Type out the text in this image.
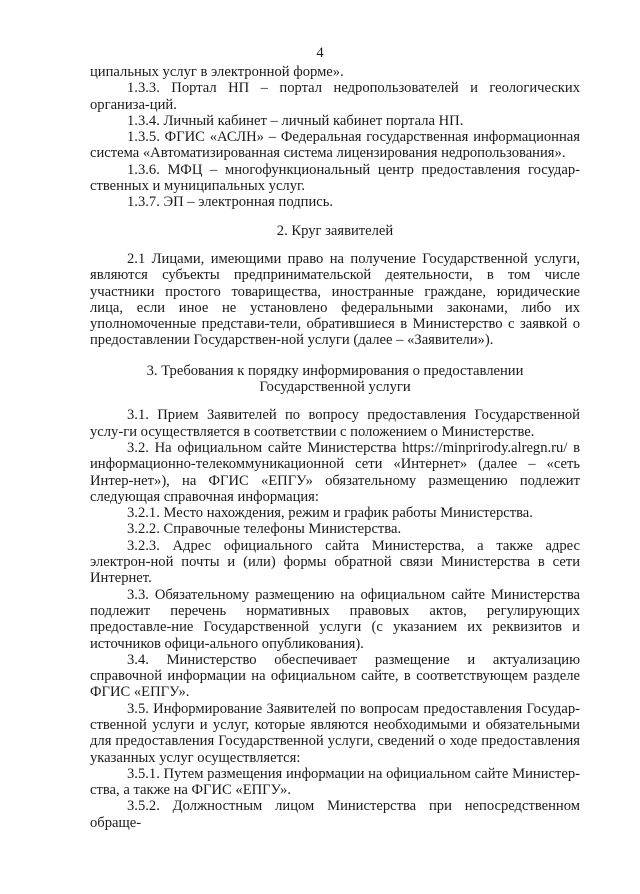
4

ципальных услуг в электронной форме».

1.3.3. Портал НП – портал недропользователей и геологических организа-ций.

1.3.4. Личный кабинет – личный кабинет портала НП.

1.3.5. ФГИС «АСЛН» – Федеральная государственная информационная система «Автоматизированная система лицензирования недропользования».

1.3.6. МФЦ – многофункциональный центр предоставления государ-ственных и муниципальных услуг.

1.3.7. ЭП – электронная подпись.

2. Круг заявителей

2.1 Лицами, имеющими право на получение Государственной услуги, являются субъекты предпринимательской деятельности, в том числе участники простого товарищества, иностранные граждане, юридические лица, если иное не установлено федеральными законами, либо их уполномоченные представи-тели, обратившиеся в Министерство с заявкой о предоставлении Государствен-ной услуги (далее – «Заявители»).

3. Требования к порядку информирования о предоставлении

Государственной услуги

3.1. Прием Заявителей по вопросу предоставления Государственной услу-ги осуществляется в соответствии с положением о Министерстве.

3.2. На официальном сайте Министерства https://minprirody.alregn.ru/ в информационно-телекоммуникационной сети «Интернет» (далее – «сеть Интер-нет»), на ФГИС «ЕПГУ» обязательному размещению подлежит следующая справочная информация:

3.2.1. Место нахождения, режим и график работы Министерства.

3.2.2. Справочные телефоны Министерства.

3.2.3. Адрес официального сайта Министерства, а также адрес электрон-ной почты и (или) формы обратной связи Министерства в сети Интернет.

3.3. Обязательному размещению на официальном сайте Министерства подлежит перечень нормативных правовых актов, регулирующих предоставле-ние Государственной услуги (с указанием их реквизитов и источников офици-ального опубликования).

3.4. Министерство обеспечивает размещение и актуализацию справочной информации на официальном сайте, в соответствующем разделе ФГИС «ЕПГУ».

3.5. Информирование Заявителей по вопросам предоставления Государ-ственной услуги и услуг, которые являются необходимыми и обязательными для предоставления Государственной услуги, сведений о ходе предоставления указанных услуг осуществляется:

3.5.1. Путем размещения информации на официальном сайте Министер-ства, а также на ФГИС «ЕПГУ».

3.5.2. Должностным лицом Министерства при непосредственном обраще-
